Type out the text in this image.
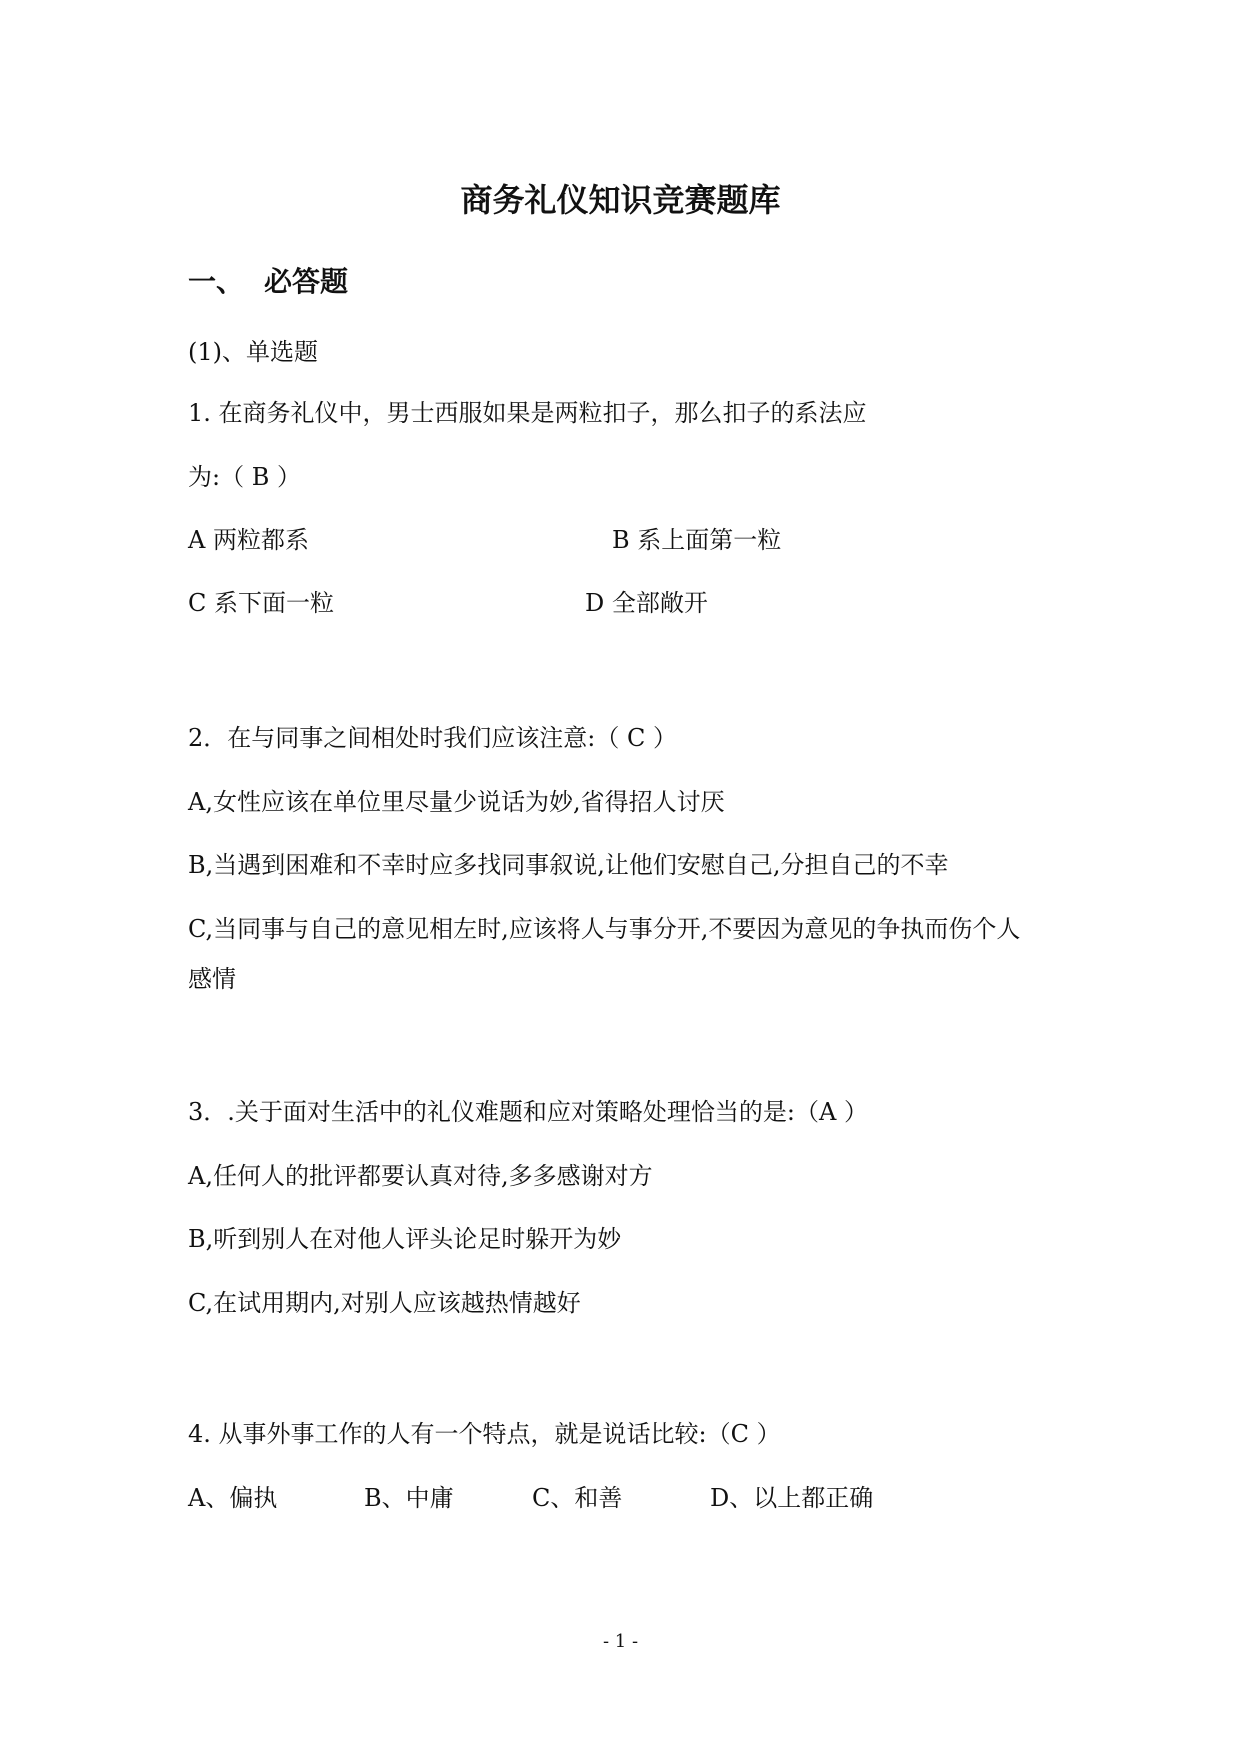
商务礼仪知识竞赛题库
一、 必答题
(1)、单选题
1. 在商务礼仪中，男士西服如果是两粒扣子，那么扣子的系法应
为:（ B ）
A 两粒都系	B 系上面第一粒
C 系下面一粒	D 全部敞开
2．在与同事之间相处时我们应该注意:（ C ）
A,女性应该在单位里尽量少说话为妙,省得招人讨厌
B,当遇到困难和不幸时应多找同事叙说,让他们安慰自己,分担自己的不幸
C,当同事与自己的意见相左时,应该将人与事分开,不要因为意见的争执而伤个人
感情
3．.关于面对生活中的礼仪难题和应对策略处理恰当的是:（A ）
A,任何人的批评都要认真对待,多多感谢对方
B,听到别人在对他人评头论足时躲开为妙
C,在试用期内,对别人应该越热情越好
4. 从事外事工作的人有一个特点，就是说话比较:（C ）
A、偏执	B、中庸	C、和善	D、以上都正确
- 1 -
